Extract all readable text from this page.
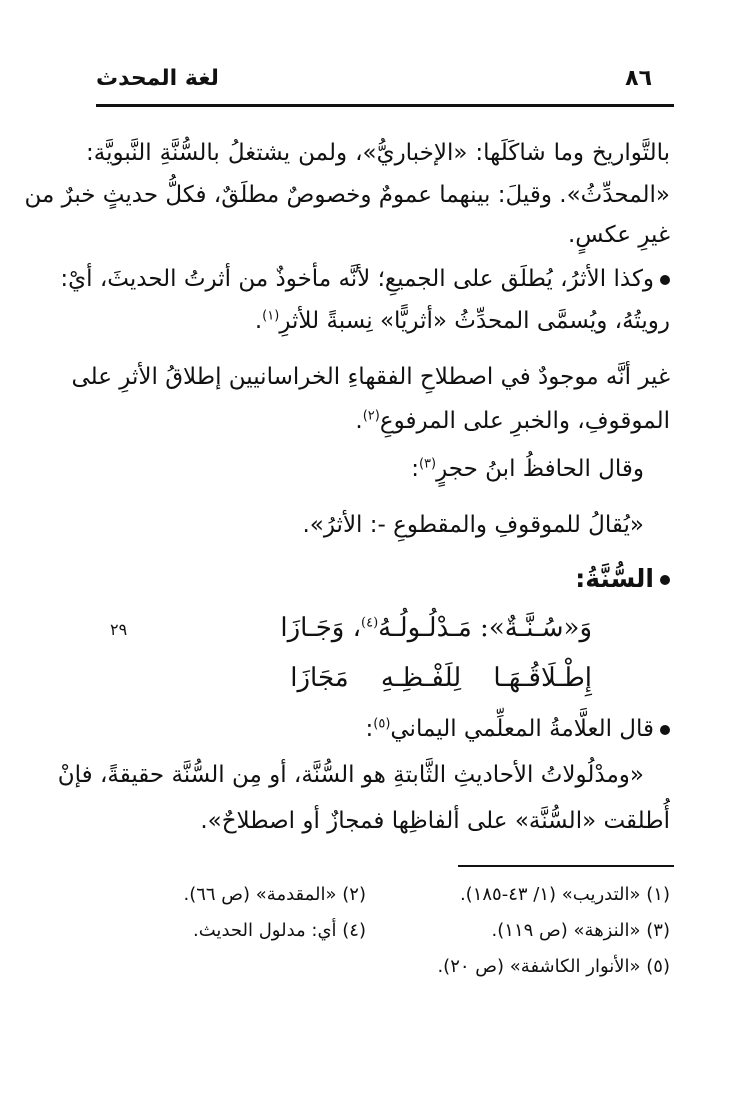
٨٦
لغة المحدث
بالتَّواريخ وما شاكَلَها: «الإخباريُّ»، ولمن يشتغلُ بالسُّنَّةِ النَّبويَّة:
«المحدِّثُ». وقيلَ: بينهما عمومٌ وخصوصٌ مطلَقٌ، فكلُّ حديثٍ خبرٌ من
غيرِ عكسٍ.
وكذا الأثرُ، يُطلَق على الجميعِ؛ لأنَّه مأخوذٌ من أثرتُ الحديثَ، أيْ:
رويتُهُ، ويُسمَّى المحدِّثُ «أثريًّا» نِسبةً للأثرِ$^{(١)}$.
غير أنَّه موجودٌ في اصطلاحِ الفقهاءِ الخراسانيين إطلاقُ الأثرِ على
الموقوفِ، والخبرِ على المرفوعِ$^{(٢)}$.
وقال الحافظُ ابنُ حجرٍ$^{(٣)}$:
«يُقالُ للموقوفِ والمقطوعِ -: الأثرُ».
السُّنَّةُ:
٢٩	وَ«سُـنَّـةٌ»: مَـدْلُـولُـهُ$^{(٤)}$، وَجَـازَا
إِطْـلَاقُـهَـا لِلَفْـظِـهِ مَجَازَا
قال العلَّامةُ المعلِّمي اليماني$^{(٥)}$:
«ومدْلُولاتُ الأحاديثِ الثَّابتةِ هو السُّنَّة، أو مِن السُّنَّة حقيقةً، فإنْ
أُطلقت «السُّنَّة» على ألفاظِها فمجازٌ أو اصطلاحٌ».
(١) «التدريب» (١/ ٤٣-١٨٥).
(٢) «المقدمة» (ص ٦٦).
(٣) «النزهة» (ص ١١٩).
(٤) أي: مدلول الحديث.
(٥) «الأنوار الكاشفة» (ص ٢٠).
